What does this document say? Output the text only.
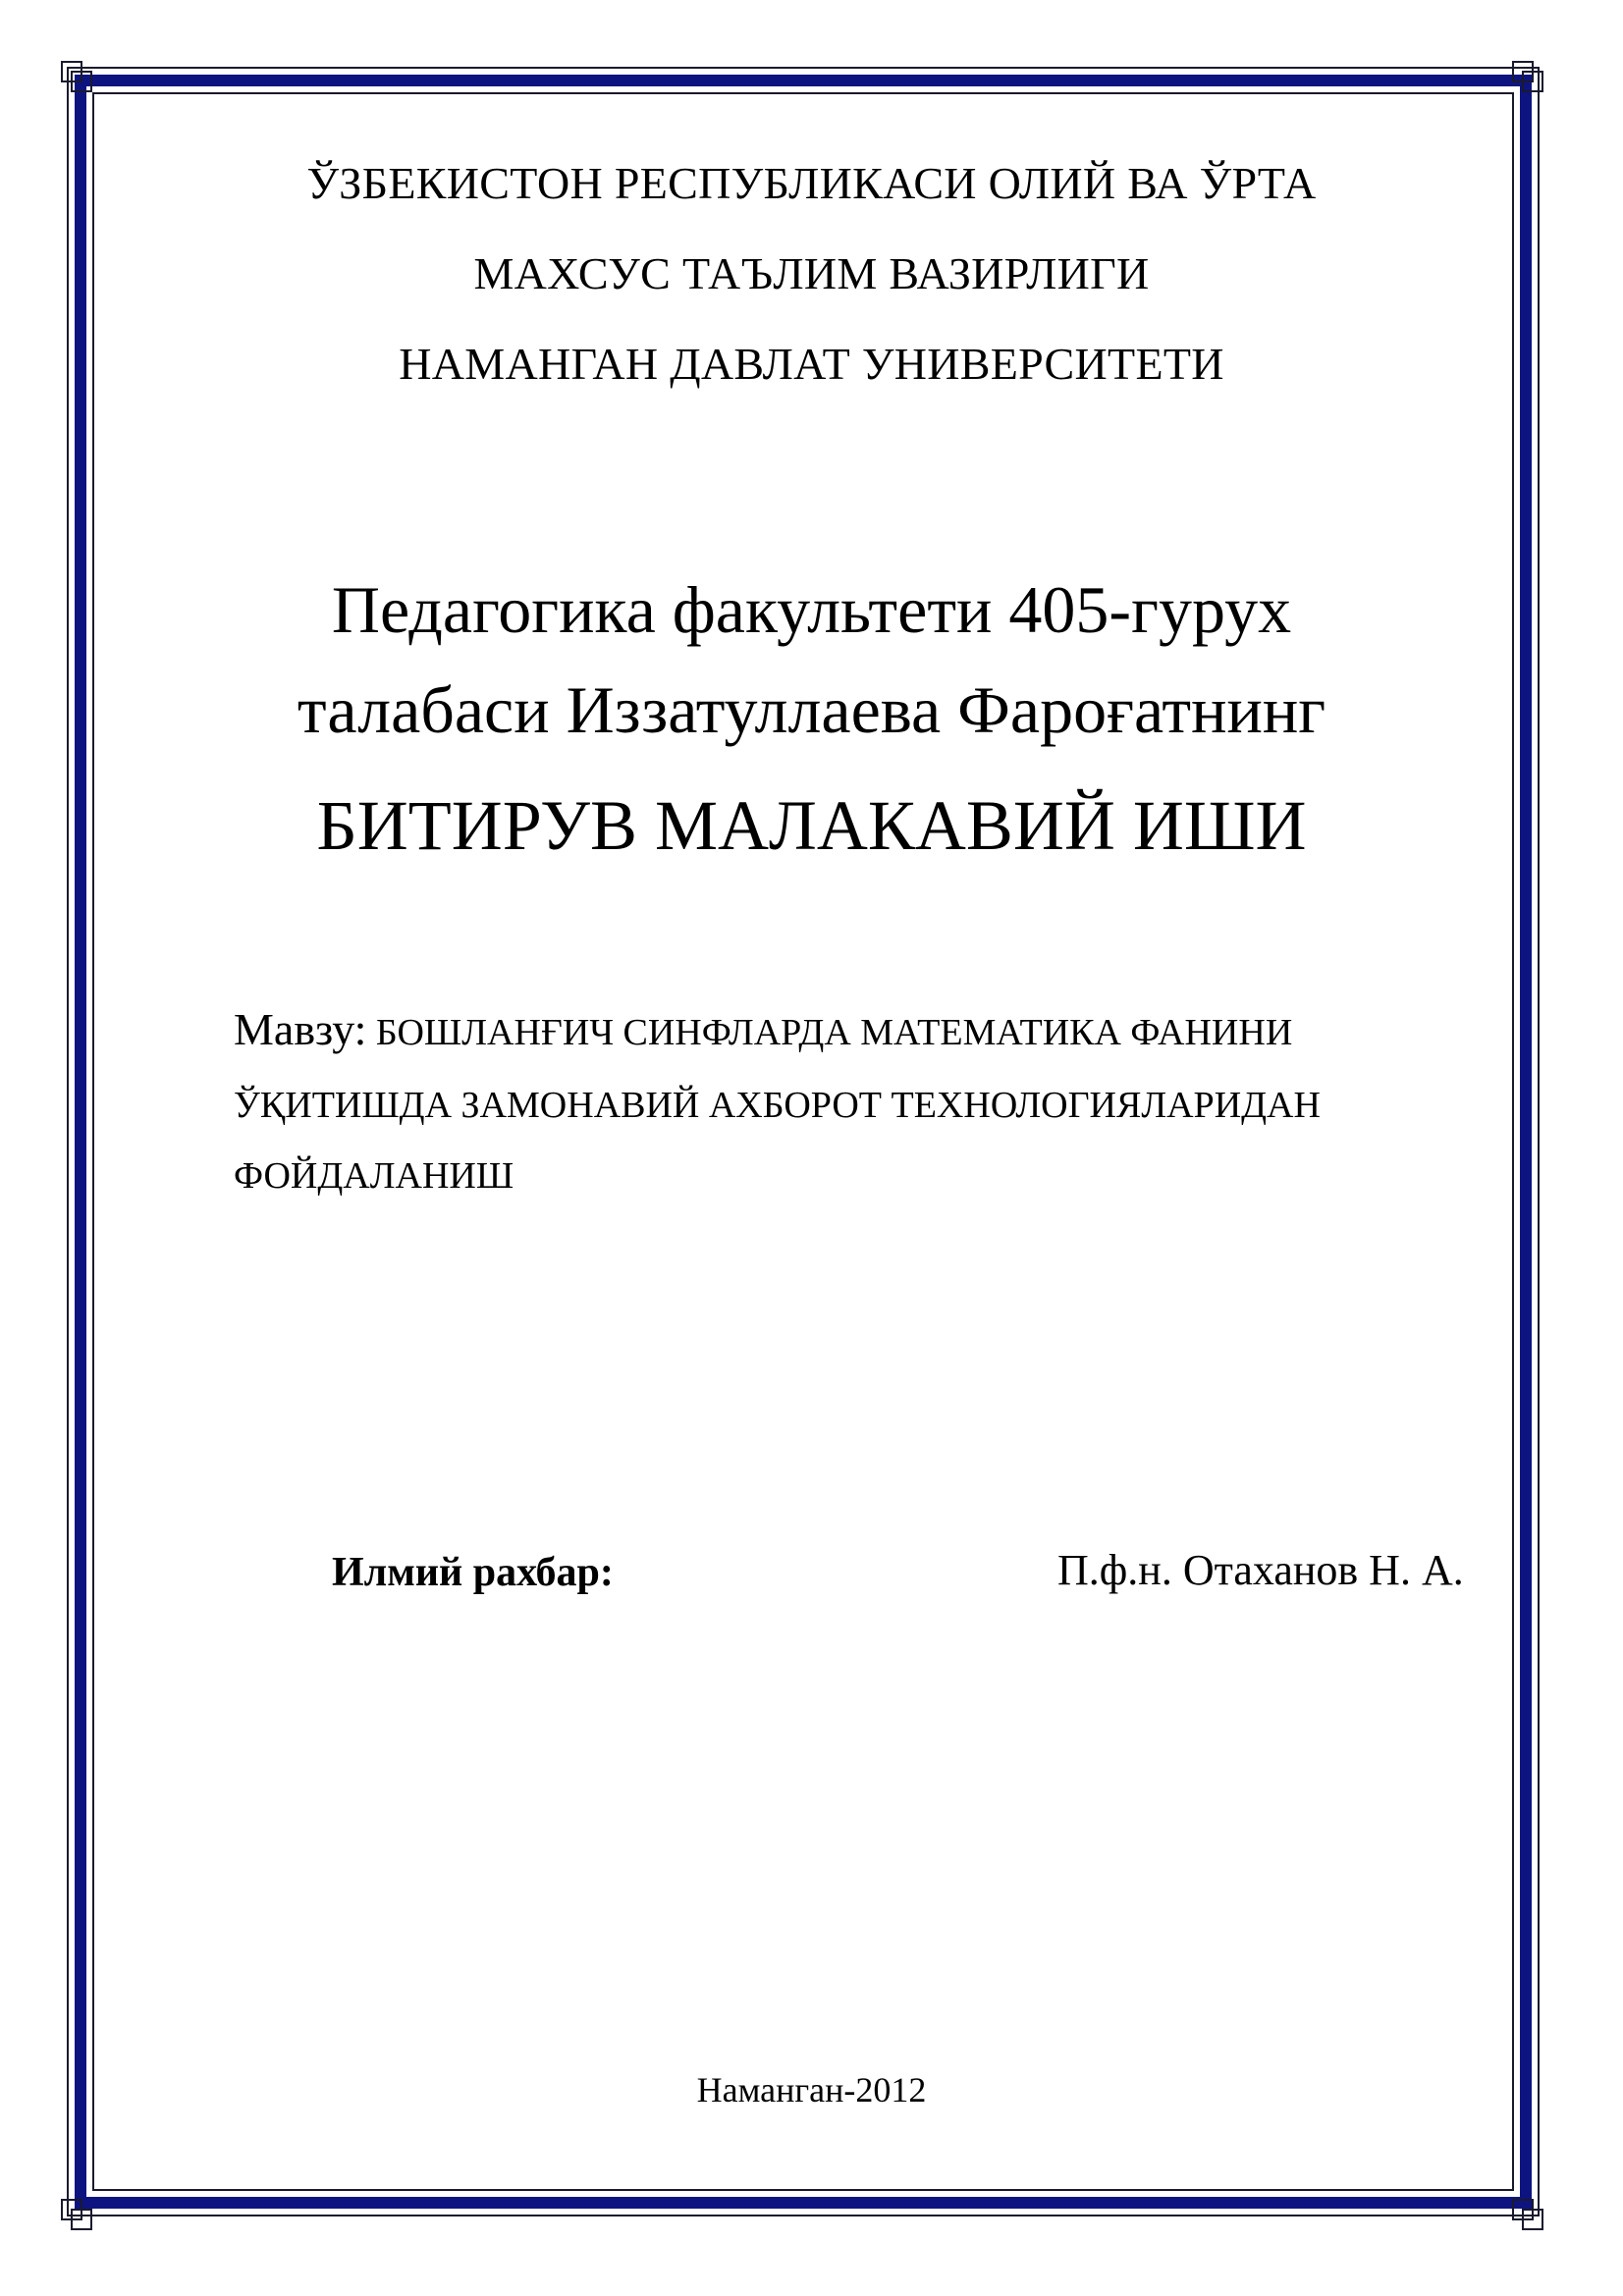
ЎЗБЕКИСТОН РЕСПУБЛИКАСИ ОЛИЙ ВА ЎРТА
МАХСУС ТАЪЛИМ ВАЗИРЛИГИ
НАМАНГАН ДАВЛАТ УНИВЕРСИТЕТИ
Педагогика факультети 405-гурух
талабаси Иззатуллаева Фароғатнинг
БИТИРУВ МАЛАКАВИЙ ИШИ
Мавзу: БОШЛАНҒИЧ СИНФЛАРДА МАТЕМАТИКА ФАНИНИ
ЎҚИТИШДА ЗАМОНАВИЙ АХБОРОТ ТЕХНОЛОГИЯЛАРИДАН
ФОЙДАЛАНИШ
Илмий рахбар:	П.ф.н. Отаханов Н. А.
Наманган-2012
